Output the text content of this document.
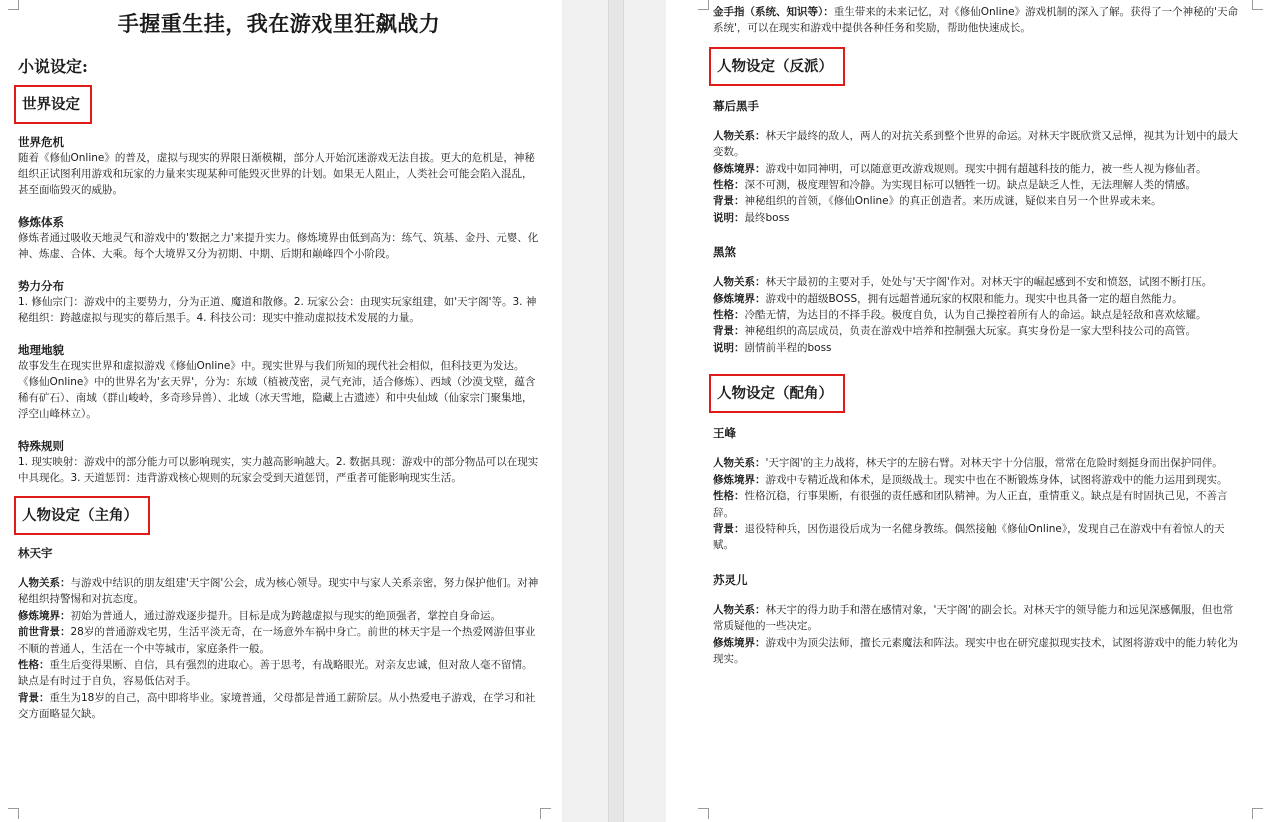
手握重生挂，我在游戏里狂飙战力
小说设定:
世界设定

世界危机

随着《修仙Online》的普及，虚拟与现实的界限日渐模糊，部分人开始沉迷游戏无法自拔。更大的危机是，神秘组织正试图利用游戏和玩家的力量来实现某种可能毁灭世界的计划。如果无人阻止，人类社会可能会陷入混乱，甚至面临毁灭的威胁。

修炼体系

修炼者通过吸收天地灵气和游戏中的'数据之力'来提升实力。修炼境界由低到高为：练气、筑基、金丹、元婴、化神、炼虚、合体、大乘。每个大境界又分为初期、中期、后期和巅峰四个小阶段。

势力分布

1. 修仙宗门：游戏中的主要势力，分为正道、魔道和散修。2. 玩家公会：由现实玩家组建，如'天宇阁'等。3. 神秘组织：跨越虚拟与现实的幕后黑手。4. 科技公司：现实中推动虚拟技术发展的力量。

地理地貌

故事发生在现实世界和虚拟游戏《修仙Online》中。现实世界与我们所知的现代社会相似，但科技更为发达。《修仙Online》中的世界名为'玄天界'，分为：东域（植被茂密，灵气充沛，适合修炼）、西域（沙漠戈壁，蕴含稀有矿石）、南域（群山峻岭，多奇珍异兽）、北域（冰天雪地，隐藏上古遗迹）和中央仙域（仙家宗门聚集地，浮空山峰林立）。

特殊规则

1. 现实映射：游戏中的部分能力可以影响现实，实力越高影响越大。2. 数据具现：游戏中的部分物品可以在现实中具现化。3. 天道惩罚：违背游戏核心规则的玩家会受到天道惩罚，严重者可能影响现实生活。

人物设定（主角）

林天宇

人物关系：与游戏中结识的朋友组建'天宇阁'公会，成为核心领导。现实中与家人关系亲密，努力保护他们。对神秘组织持警惕和对抗态度。

修炼境界：初始为普通人，通过游戏逐步提升。目标是成为跨越虚拟与现实的绝顶强者，掌控自身命运。

前世背景：28岁的普通游戏宅男，生活平淡无奇，在一场意外车祸中身亡。前世的林天宇是一个热爱网游但事业不顺的普通人，生活在一个中等城市，家庭条件一般。

性格：重生后变得果断、自信，具有强烈的进取心。善于思考，有战略眼光。对亲友忠诚，但对敌人毫不留情。缺点是有时过于自负，容易低估对手。

背景：重生为18岁的自己，高中即将毕业。家境普通，父母都是普通工薪阶层。从小热爱电子游戏，在学习和社交方面略显欠缺。

金手指（系统、知识等）：重生带来的未来记忆，对《修仙Online》游戏机制的深入了解。获得了一个神秘的'天命系统'，可以在现实和游戏中提供各种任务和奖励，帮助他快速成长。

人物设定（反派）

幕后黑手

人物关系：林天宇最终的敌人，两人的对抗关系到整个世界的命运。对林天宇既欣赏又忌惮，视其为计划中的最大变数。

修炼境界：游戏中如同神明，可以随意更改游戏规则。现实中拥有超越科技的能力，被一些人视为修仙者。

性格：深不可测，极度理智和冷静。为实现目标可以牺牲一切。缺点是缺乏人性，无法理解人类的情感。

背景：神秘组织的首领，《修仙Online》的真正创造者。来历成谜，疑似来自另一个世界或未来。

说明：最终boss

黑煞

人物关系：林天宇最初的主要对手，处处与'天宇阁'作对。对林天宇的崛起感到不安和愤怒，试图不断打压。

修炼境界：游戏中的超级BOSS，拥有远超普通玩家的权限和能力。现实中也具备一定的超自然能力。

性格：冷酷无情，为达目的不择手段。极度自负，认为自己操控着所有人的命运。缺点是轻敌和喜欢炫耀。

背景：神秘组织的高层成员，负责在游戏中培养和控制强大玩家。真实身份是一家大型科技公司的高管。

说明：剧情前半程的boss

人物设定（配角）

王峰

人物关系：'天宇阁'的主力战将，林天宇的左膀右臂。对林天宇十分信服，常常在危险时刻挺身而出保护同伴。

修炼境界：游戏中专精近战和体术，是顶级战士。现实中也在不断锻炼身体，试图将游戏中的能力运用到现实。

性格：性格沉稳，行事果断，有很强的责任感和团队精神。为人正直，重情重义。缺点是有时固执己见，不善言辞。

背景：退役特种兵，因伤退役后成为一名健身教练。偶然接触《修仙Online》，发现自己在游戏中有着惊人的天赋。

苏灵儿

人物关系：林天宇的得力助手和潜在感情对象，'天宇阁'的副会长。对林天宇的领导能力和远见深感佩服，但也常常质疑他的一些决定。

修炼境界：游戏中为顶尖法师，擅长元素魔法和阵法。现实中也在研究虚拟现实技术，试图将游戏中的能力转化为现实。
